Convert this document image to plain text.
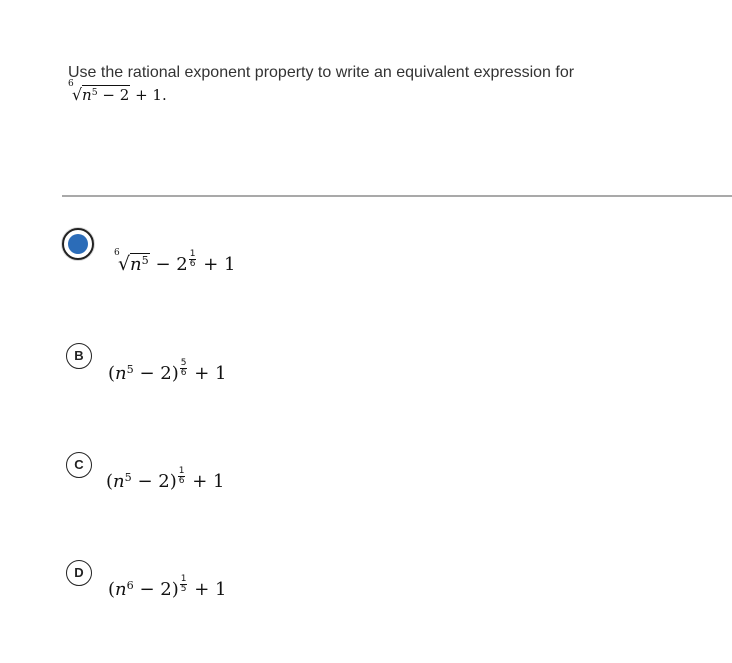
Use the rational exponent property to write an equivalent expression for
6
$√n^5 - 2 + 1$.
6
$√n^5 - 2 \frac{1}{6} + 1$
B
$(n^5 - 2) \frac{5}{6} + 1$
C
$(n^5 - 2) \frac{1}{6} + 1$
D
$(n^6 - 2) \frac{1}{5} + 1$
